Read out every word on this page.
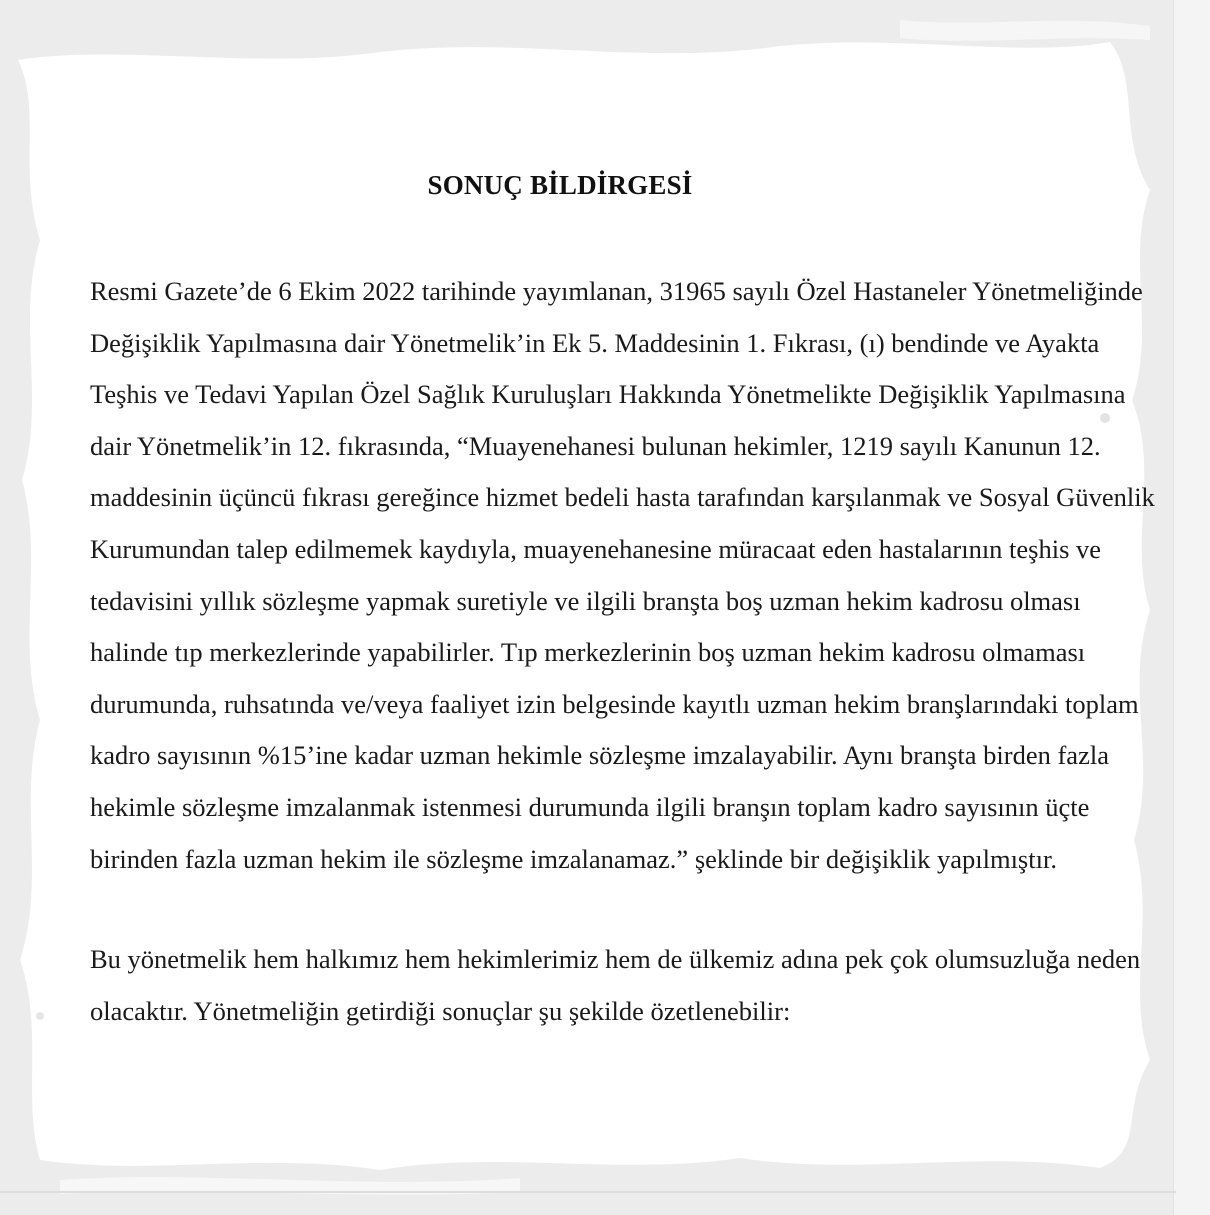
SONUÇ BİLDİRGESİ
Resmi Gazete’de 6 Ekim 2022 tarihinde yayımlanan, 31965 sayılı Özel Hastaneler Yönetmeliğinde
Değişiklik Yapılmasına dair Yönetmelik’in Ek 5. Maddesinin 1. Fıkrası, (ı) bendinde ve Ayakta
Teşhis ve Tedavi Yapılan Özel Sağlık Kuruluşları Hakkında Yönetmelikte Değişiklik Yapılmasına
dair Yönetmelik’in 12. fıkrasında, “Muayenehanesi bulunan hekimler, 1219 sayılı Kanunun 12.
maddesinin üçüncü fıkrası gereğince hizmet bedeli hasta tarafından karşılanmak ve Sosyal Güvenlik
Kurumundan talep edilmemek kaydıyla, muayenehanesine müracaat eden hastalarının teşhis ve
tedavisini yıllık sözleşme yapmak suretiyle ve ilgili branşta boş uzman hekim kadrosu olması
halinde tıp merkezlerinde yapabilirler. Tıp merkezlerinin boş uzman hekim kadrosu olmaması
durumunda, ruhsatında ve/veya faaliyet izin belgesinde kayıtlı uzman hekim branşlarındaki toplam
kadro sayısının %15’ine kadar uzman hekimle sözleşme imzalayabilir. Aynı branşta birden fazla
hekimle sözleşme imzalanmak istenmesi durumunda ilgili branşın toplam kadro sayısının üçte
birinden fazla uzman hekim ile sözleşme imzalanamaz.” şeklinde bir değişiklik yapılmıştır.
Bu yönetmelik hem halkımız hem hekimlerimiz hem de ülkemiz adına pek çok olumsuzluğa neden
olacaktır. Yönetmeliğin getirdiği sonuçlar şu şekilde özetlenebilir:
